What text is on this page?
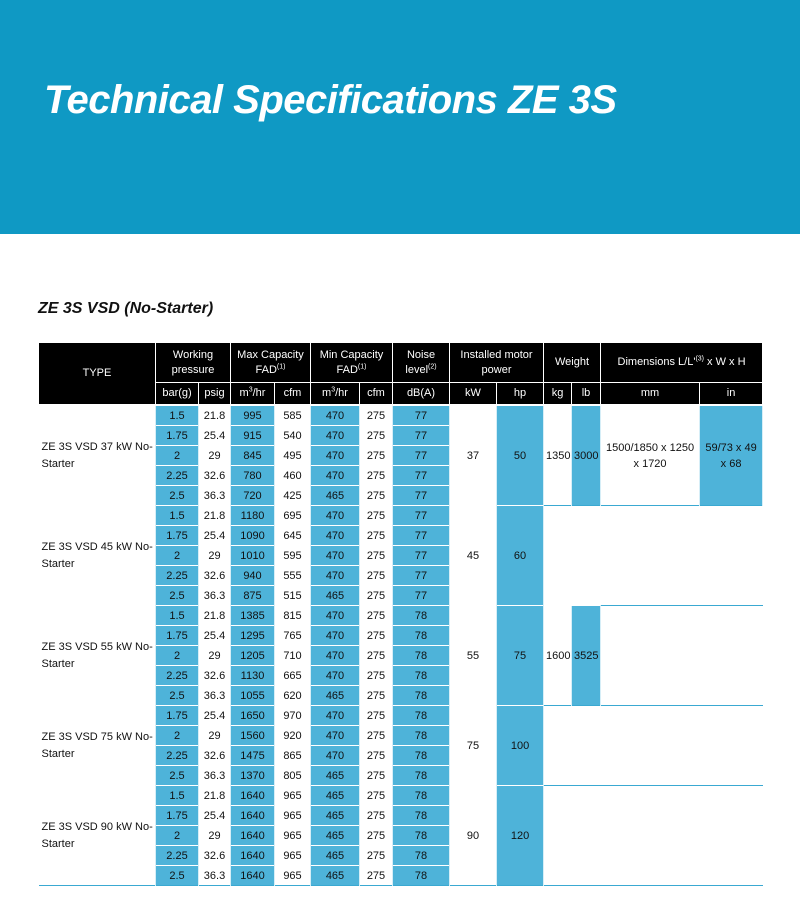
Technical Specifications ZE 3S
ZE 3S VSD (No-Starter)
TYPE	Working pressure		Max Capacity FAD$^{(1)}$		Min Capacity FAD$^{(1)}$		Noise level$^{(2)}$	Installed motor power		Weight		Dimensions $L/L'^{(3)}$ x W x H	
	bar(g)	psig	$m^3/hr$	cfm	$m^3/hr$	cfm	dB(A)	kW	hp	kg	lb	mm	in
ZE 3S VSD 37 kW No-Starter	1.5	21.8	995	585	470	275	77	37	50	1350	3000	1500/1850 x 1250 x 1720	59/73 x 49 x 68
	1.75	25.4	915	540	470	275	77						
	2	29	845	495	470	275	77						
	2.25	32.6	780	460	470	275	77						
	2.5	36.3	720	425	465	275	77						
ZE 3S VSD 45 kW No-Starter	1.5	21.8	1180	695	470	275	77	45	60				
	1.75	25.4	1090	645	470	275	77						
	2	29	1010	595	470	275	77						
	2.25	32.6	940	555	470	275	77						
	2.5	36.3	875	515	465	275	77						
ZE 3S VSD 55 kW No-Starter	1.5	21.8	1385	815	470	275	78	55	75	1600	3525		
	1.75	25.4	1295	765	470	275	78						
	2	29	1205	710	470	275	78						
	2.25	32.6	1130	665	470	275	78						
	2.5	36.3	1055	620	465	275	78						
ZE 3S VSD 75 kW No-Starter	1.75	25.4	1650	970	470	275	78	75	100				
	2	29	1560	920	470	275	78						
	2.25	32.6	1475	865	470	275	78						
	2.5	36.3	1370	805	465	275	78						
ZE 3S VSD 90 kW No-Starter	1.5	21.8	1640	965	465	275	78	90	120				
	1.75	25.4	1640	965	465	275	78						
	2	29	1640	965	465	275	78						
	2.25	32.6	1640	965	465	275	78						
	2.5	36.3	1640	965	465	275	78						
